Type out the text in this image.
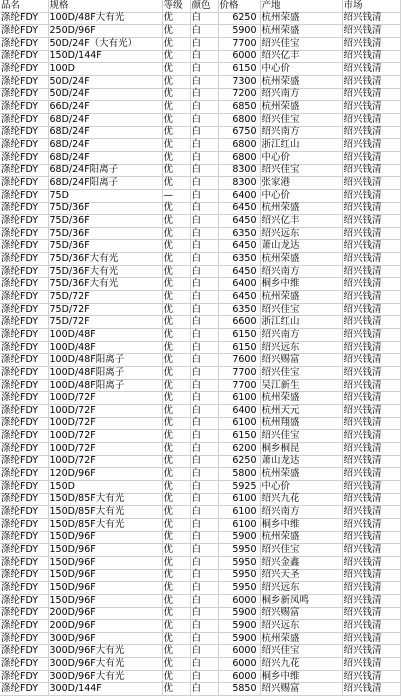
品名	规格	等级	颜色	价格	产地	市场
涤纶FDY	100D/48F大有光	优	白	6250	杭州荣盛	绍兴钱清
涤纶FDY	250D/96F	优	白	5900	杭州荣盛	绍兴钱清
涤纶FDY	50D/24F（大有光）	优	白	7700	绍兴佳宝	绍兴钱清
涤纶FDY	150D/144F	优	白	6000	绍兴亿丰	绍兴钱清
涤纶FDY	100D	优	白	6150	中心价	绍兴钱清
涤纶FDY	50D/24F	优	白	7300	杭州荣盛	绍兴钱清
涤纶FDY	50D/24F	优	白	7200	绍兴南方	绍兴钱清
涤纶FDY	66D/24F	优	白	6850	杭州荣盛	绍兴钱清
涤纶FDY	68D/24F	优	白	6800	绍兴佳宝	绍兴钱清
涤纶FDY	68D/24F	优	白	6750	绍兴南方	绍兴钱清
涤纶FDY	68D/24F	优	白	6800	浙江红山	绍兴钱清
涤纶FDY	68D/24F	优	白	6800	中心价	绍兴钱清
涤纶FDY	68D/24F阳离子	优	白	8300	绍兴佳宝	绍兴钱清
涤纶FDY	68D/24F阳离子	优	白	8300	张家港	绍兴钱清
涤纶FDY	75D	—	白	6400	中心价	绍兴钱清
涤纶FDY	75D/36F	优	白	6450	杭州荣盛	绍兴钱清
涤纶FDY	75D/36F	优	白	6450	绍兴亿丰	绍兴钱清
涤纶FDY	75D/36F	优	白	6350	绍兴远东	绍兴钱清
涤纶FDY	75D/36F	优	白	6450	萧山龙达	绍兴钱清
涤纶FDY	75D/36F大有光	优	白	6350	杭州荣盛	绍兴钱清
涤纶FDY	75D/36F大有光	优	白	6450	绍兴南方	绍兴钱清
涤纶FDY	75D/36F大有光	优	白	6400	桐乡中维	绍兴钱清
涤纶FDY	75D/72F	优	白	6450	杭州荣盛	绍兴钱清
涤纶FDY	75D/72F	优	白	6350	绍兴佳宝	绍兴钱清
涤纶FDY	75D/72F	优	白	6600	浙江红山	绍兴钱清
涤纶FDY	100D/48F	优	白	6150	绍兴南方	绍兴钱清
涤纶FDY	100D/48F	优	白	6150	绍兴远东	绍兴钱清
涤纶FDY	100D/48F阳离子	优	白	7600	绍兴赐富	绍兴钱清
涤纶FDY	100D/48F阳离子	优	白	7700	绍兴佳宝	绍兴钱清
涤纶FDY	100D/48F阳离子	优	白	7700	吴江新生	绍兴钱清
涤纶FDY	100D/72F	优	白	6100	杭州荣盛	绍兴钱清
涤纶FDY	100D/72F	优	白	6400	杭州天元	绍兴钱清
涤纶FDY	100D/72F	优	白	6100	杭州翔盛	绍兴钱清
涤纶FDY	100D/72F	优	白	6150	绍兴佳宝	绍兴钱清
涤纶FDY	100D/72F	优	白	6200	桐乡桐昆	绍兴钱清
涤纶FDY	100D/72F	优	白	6250	萧山龙达	绍兴钱清
涤纶FDY	120D/96F	优	白	5800	杭州荣盛	绍兴钱清
涤纶FDY	150D	优	白	5925	中心价	绍兴钱清
涤纶FDY	150D/85F大有光	优	白	6100	绍兴九花	绍兴钱清
涤纶FDY	150D/85F大有光	优	白	6100	绍兴南方	绍兴钱清
涤纶FDY	150D/85F大有光	优	白	6100	桐乡中维	绍兴钱清
涤纶FDY	150D/96F	优	白	5900	杭州荣盛	绍兴钱清
涤纶FDY	150D/96F	优	白	5950	绍兴佳宝	绍兴钱清
涤纶FDY	150D/96F	优	白	5950	绍兴金鑫	绍兴钱清
涤纶FDY	150D/96F	优	白	5950	绍兴天圣	绍兴钱清
涤纶FDY	150D/96F	优	白	5950	绍兴远东	绍兴钱清
涤纶FDY	150D/96F	优	白	6000	桐乡新凤鸣	绍兴钱清
涤纶FDY	200D/96F	优	白	5900	绍兴赐富	绍兴钱清
涤纶FDY	200D/96F	优	白	5900	绍兴远东	绍兴钱清
涤纶FDY	300D/96F	优	白	5900	杭州荣盛	绍兴钱清
涤纶FDY	300D/96F大有光	优	白	6000	绍兴佳宝	绍兴钱清
涤纶FDY	300D/96F大有光	优	白	6000	绍兴九花	绍兴钱清
涤纶FDY	300D/96F大有光	优	白	6000	桐乡中维	绍兴钱清
涤纶FDY	300D/144F	优	白	5850	绍兴赐富	绍兴钱清
